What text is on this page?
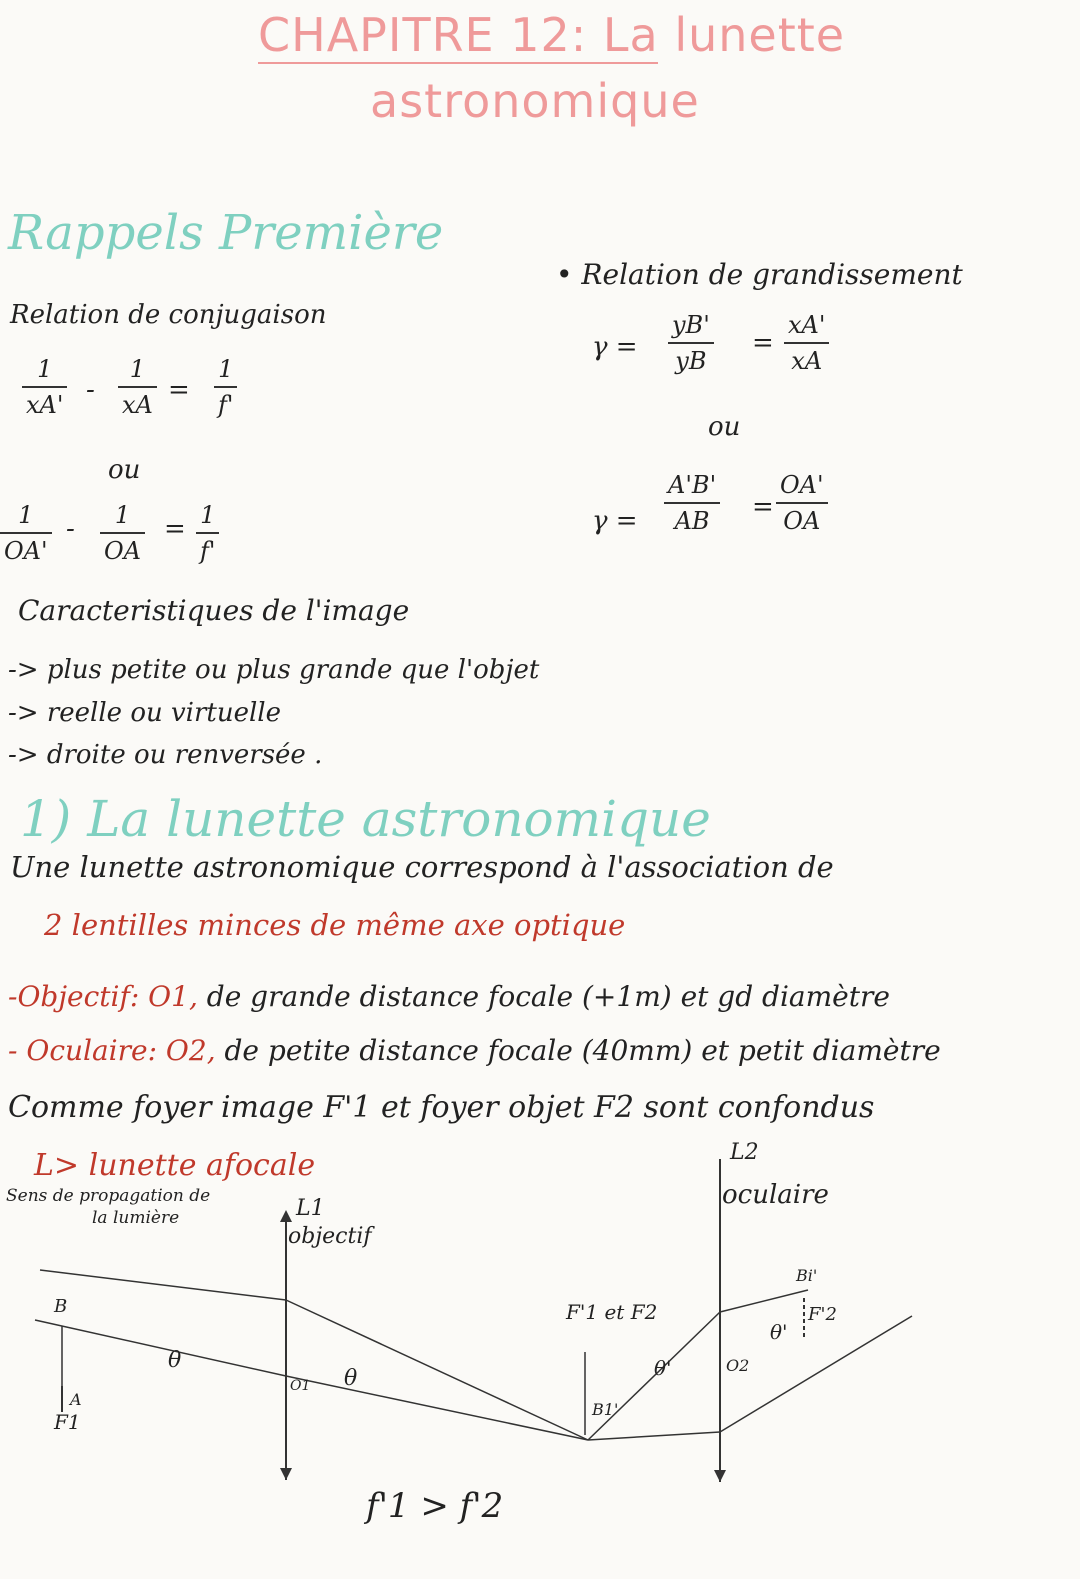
CHAPITRE 12: La lunette
astronomique
Rappels Première
Relation de conjugaison
1
xA'
-
1
xA
=
1
f'
ou
1
OA'
- 1
OA
= 1
f'
• Relation de grandissement
γ =
yB'
yB
=
xA'
xA
ou
γ =
A'B'
AB =
OA'
OA
Caracteristiques de l'image
-> plus petite ou plus grande que l'objet
-> reelle ou virtuelle
-> droite ou renversée .
1) La lunette astronomique
Une lunette astronomique correspond à l'association de
2 lentilles minces de même axe optique
-Objectif: O1, de grande distance focale (+1m) et gd diamètre
- Oculaire: O2, de petite distance focale (40mm) et petit diamètre
Comme foyer image F'1 et foyer objet F2 sont confondus
L> lunette afocale
Sens de propagation de
la lumière	L1
objectif
L2
oculaire
B
A
F1
θ
O1 θ
F'1 et F2
B1'
θ'	O2
θ'
Bi'
F'2
f'1 > f'2
